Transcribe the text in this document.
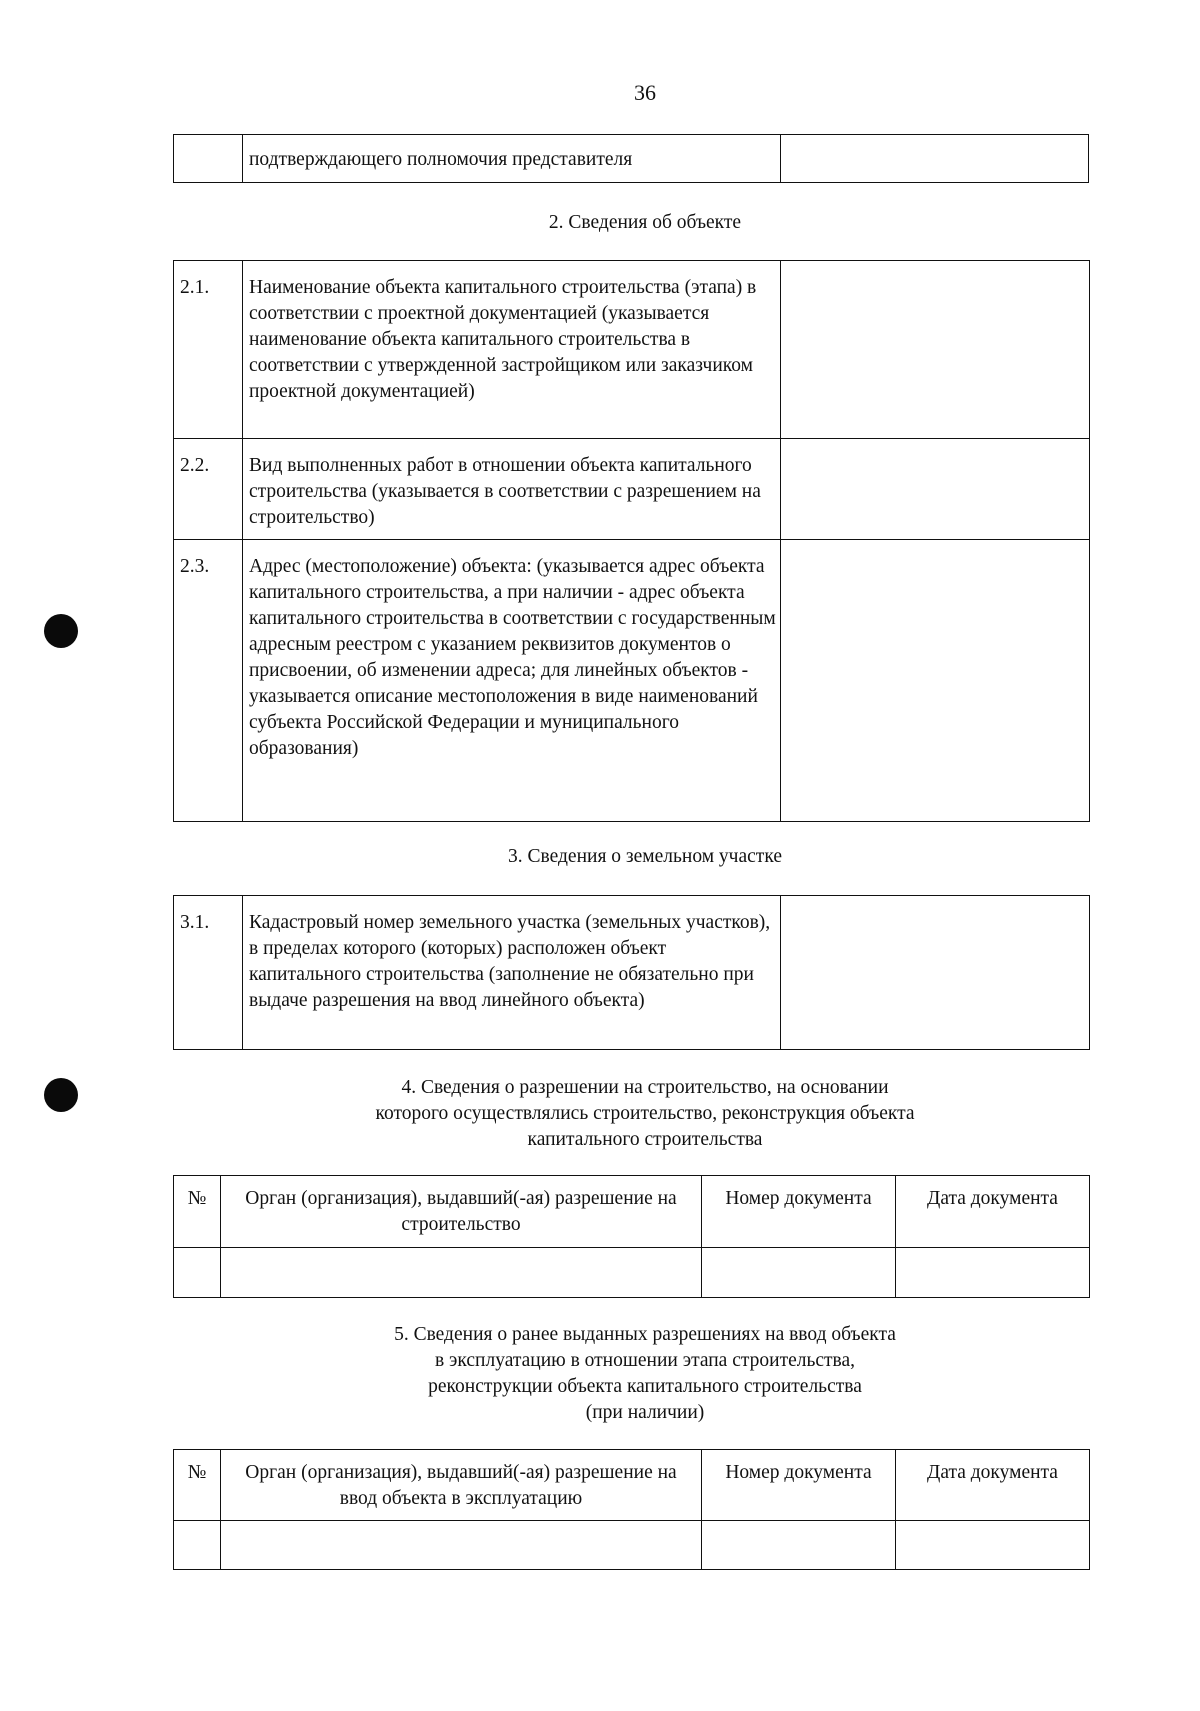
36
	подтверждающего полномочия представителя	
2. Сведения об объекте
2.1.	Наименование объекта капитального строительства (этапа) в соответствии с проектной документацией (указывается наименование объекта капитального строительства в соответствии с утвержденной застройщиком или заказчиком проектной документацией)	
2.2.	Вид выполненных работ в отношении объекта капитального строительства (указывается в соответствии с разрешением на строительство)	
2.3.	Адрес (местоположение) объекта: (указывается адрес объекта капитального строительства, а при наличии - адрес объекта капитального строительства в соответствии с государственным адресным реестром с указанием реквизитов документов о присвоении, об изменении адреса; для линейных объектов - указывается описание местоположения в виде наименований субъекта Российской Федерации и муниципального образования)	
3. Сведения о земельном участке
3.1.	Кадастровый номер земельного участка (земельных участков), в пределах которого (которых) расположен объект капитального строительства (заполнение не обязательно при выдаче разрешения на ввод линейного объекта)	
4. Сведения о разрешении на строительство, на основании
которого осуществлялись строительство, реконструкция объекта
капитального строительства
№	Орган (организация), выдавший(-ая) разрешение на строительство	Номер документа	Дата документа

5. Сведения о ранее выданных разрешениях на ввод объекта
в эксплуатацию в отношении этапа строительства,
реконструкции объекта капитального строительства
(при наличии)
№	Орган (организация), выдавший(-ая) разрешение на ввод объекта в эксплуатацию	Номер документа	Дата документа
